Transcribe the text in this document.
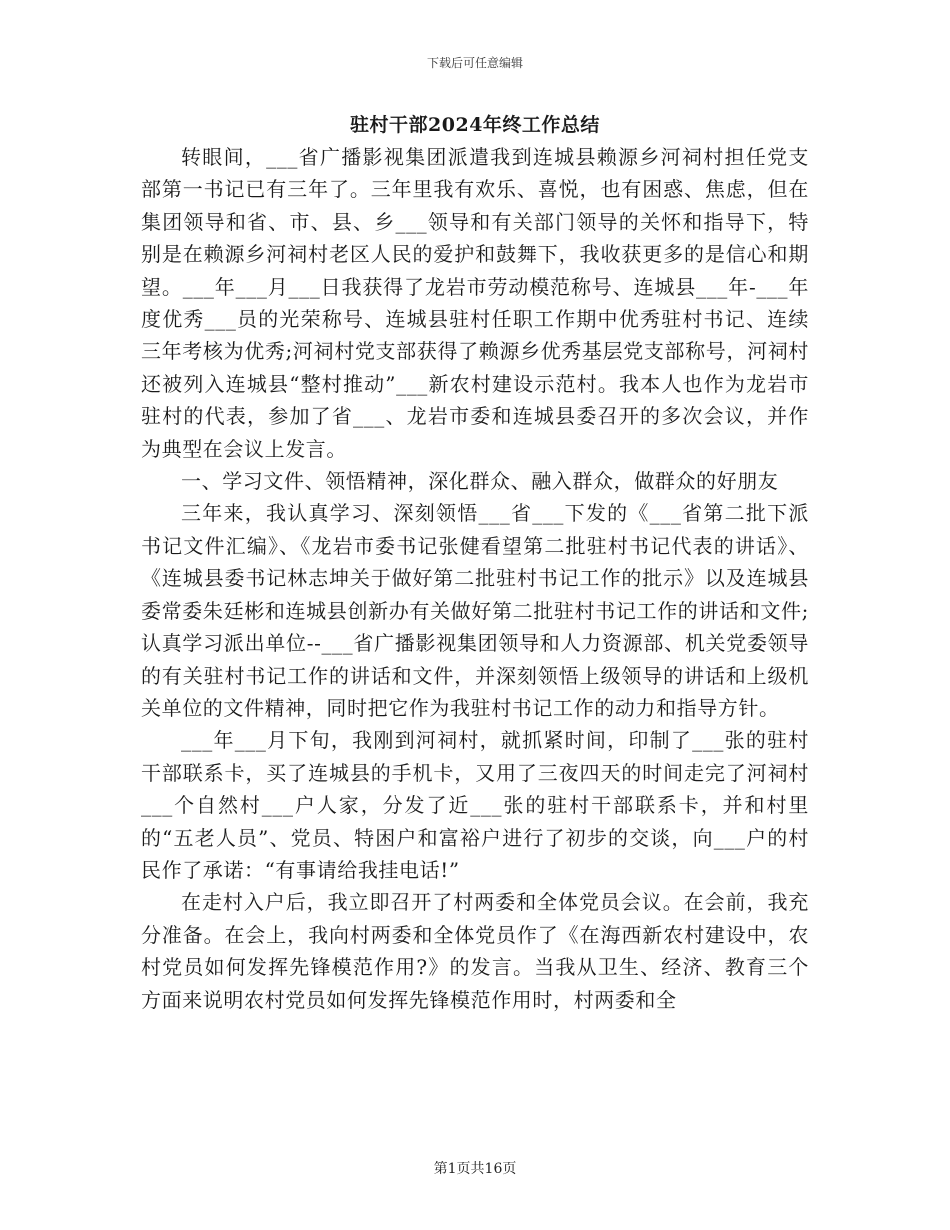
下载后可任意编辑
驻村干部2024年终工作总结

转眼间，___省广播影视集团派遣我到连城县赖源乡河祠村担任党支部第一书记已有三年了。三年里我有欢乐、喜悦，也有困惑、焦虑，但在集团领导和省、市、县、乡___领导和有关部门领导的关怀和指导下，特别是在赖源乡河祠村老区人民的爱护和鼓舞下，我收获更多的是信心和期望。___年___月___日我获得了龙岩市劳动模范称号、连城县___年-___年度优秀___员的光荣称号、连城县驻村任职工作期中优秀驻村书记、连续三年考核为优秀;河祠村党支部获得了赖源乡优秀基层党支部称号，河祠村还被列入连城县“整村推动”___新农村建设示范村。我本人也作为龙岩市驻村的代表，参加了省___、龙岩市委和连城县委召开的多次会议，并作为典型在会议上发言。

一、学习文件、领悟精神，深化群众、融入群众，做群众的好朋友

三年来，我认真学习、深刻领悟___省___下发的《___省第二批下派书记文件汇编》、《龙岩市委书记张健看望第二批驻村书记代表的讲话》、《连城县委书记林志坤关于做好第二批驻村书记工作的批示》以及连城县委常委朱廷彬和连城县创新办有关做好第二批驻村书记工作的讲话和文件;认真学习派出单位--___省广播影视集团领导和人力资源部、机关党委领导的有关驻村书记工作的讲话和文件，并深刻领悟上级领导的讲话和上级机关单位的文件精神，同时把它作为我驻村书记工作的动力和指导方针。

___年___月下旬，我刚到河祠村，就抓紧时间，印制了___张的驻村干部联系卡，买了连城县的手机卡，又用了三夜四天的时间走完了河祠村___个自然村___户人家，分发了近___张的驻村干部联系卡，并和村里的“五老人员”、党员、特困户和富裕户进行了初步的交谈，向___户的村民作了承诺：“有事请给我挂电话!”

在走村入户后，我立即召开了村两委和全体党员会议。在会前，我充分准备。在会上，我向村两委和全体党员作了《在海西新农村建设中，农村党员如何发挥先锋模范作用?》的发言。当我从卫生、经济、教育三个方面来说明农村党员如何发挥先锋模范作用时，村两委和全

第1页共16页
